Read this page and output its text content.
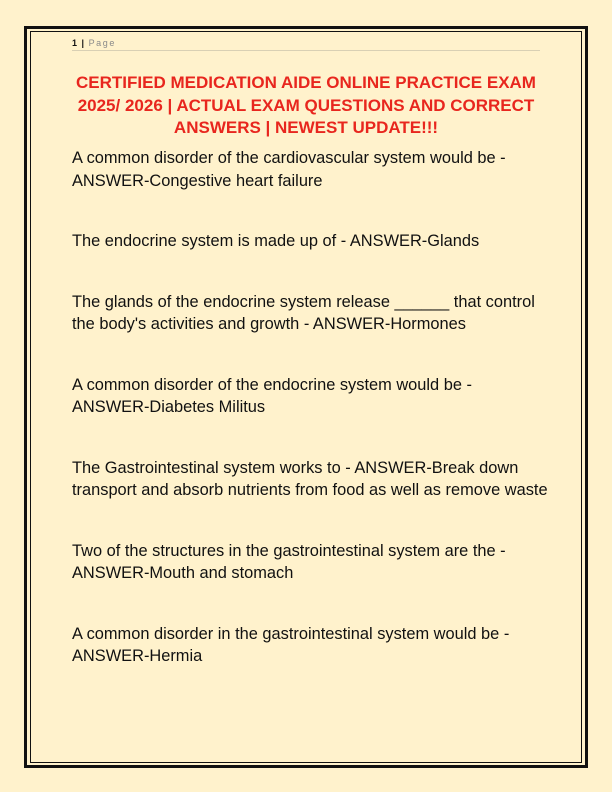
1 | Page
CERTIFIED MEDICATION AIDE ONLINE PRACTICE EXAM 2025/ 2026 | ACTUAL EXAM QUESTIONS AND CORRECT ANSWERS | NEWEST UPDATE!!!

A common disorder of the cardiovascular system would be - ANSWER-Congestive heart failure

The endocrine system is made up of - ANSWER-Glands

The glands of the endocrine system release ______ that control the body's activities and growth - ANSWER-Hormones

A common disorder of the endocrine system would be - ANSWER-Diabetes Militus

The Gastrointestinal system works to - ANSWER-Break down transport and absorb nutrients from food as well as remove waste

Two of the structures in the gastrointestinal system are the - ANSWER-Mouth and stomach

A common disorder in the gastrointestinal system would be - ANSWER-Hermia
